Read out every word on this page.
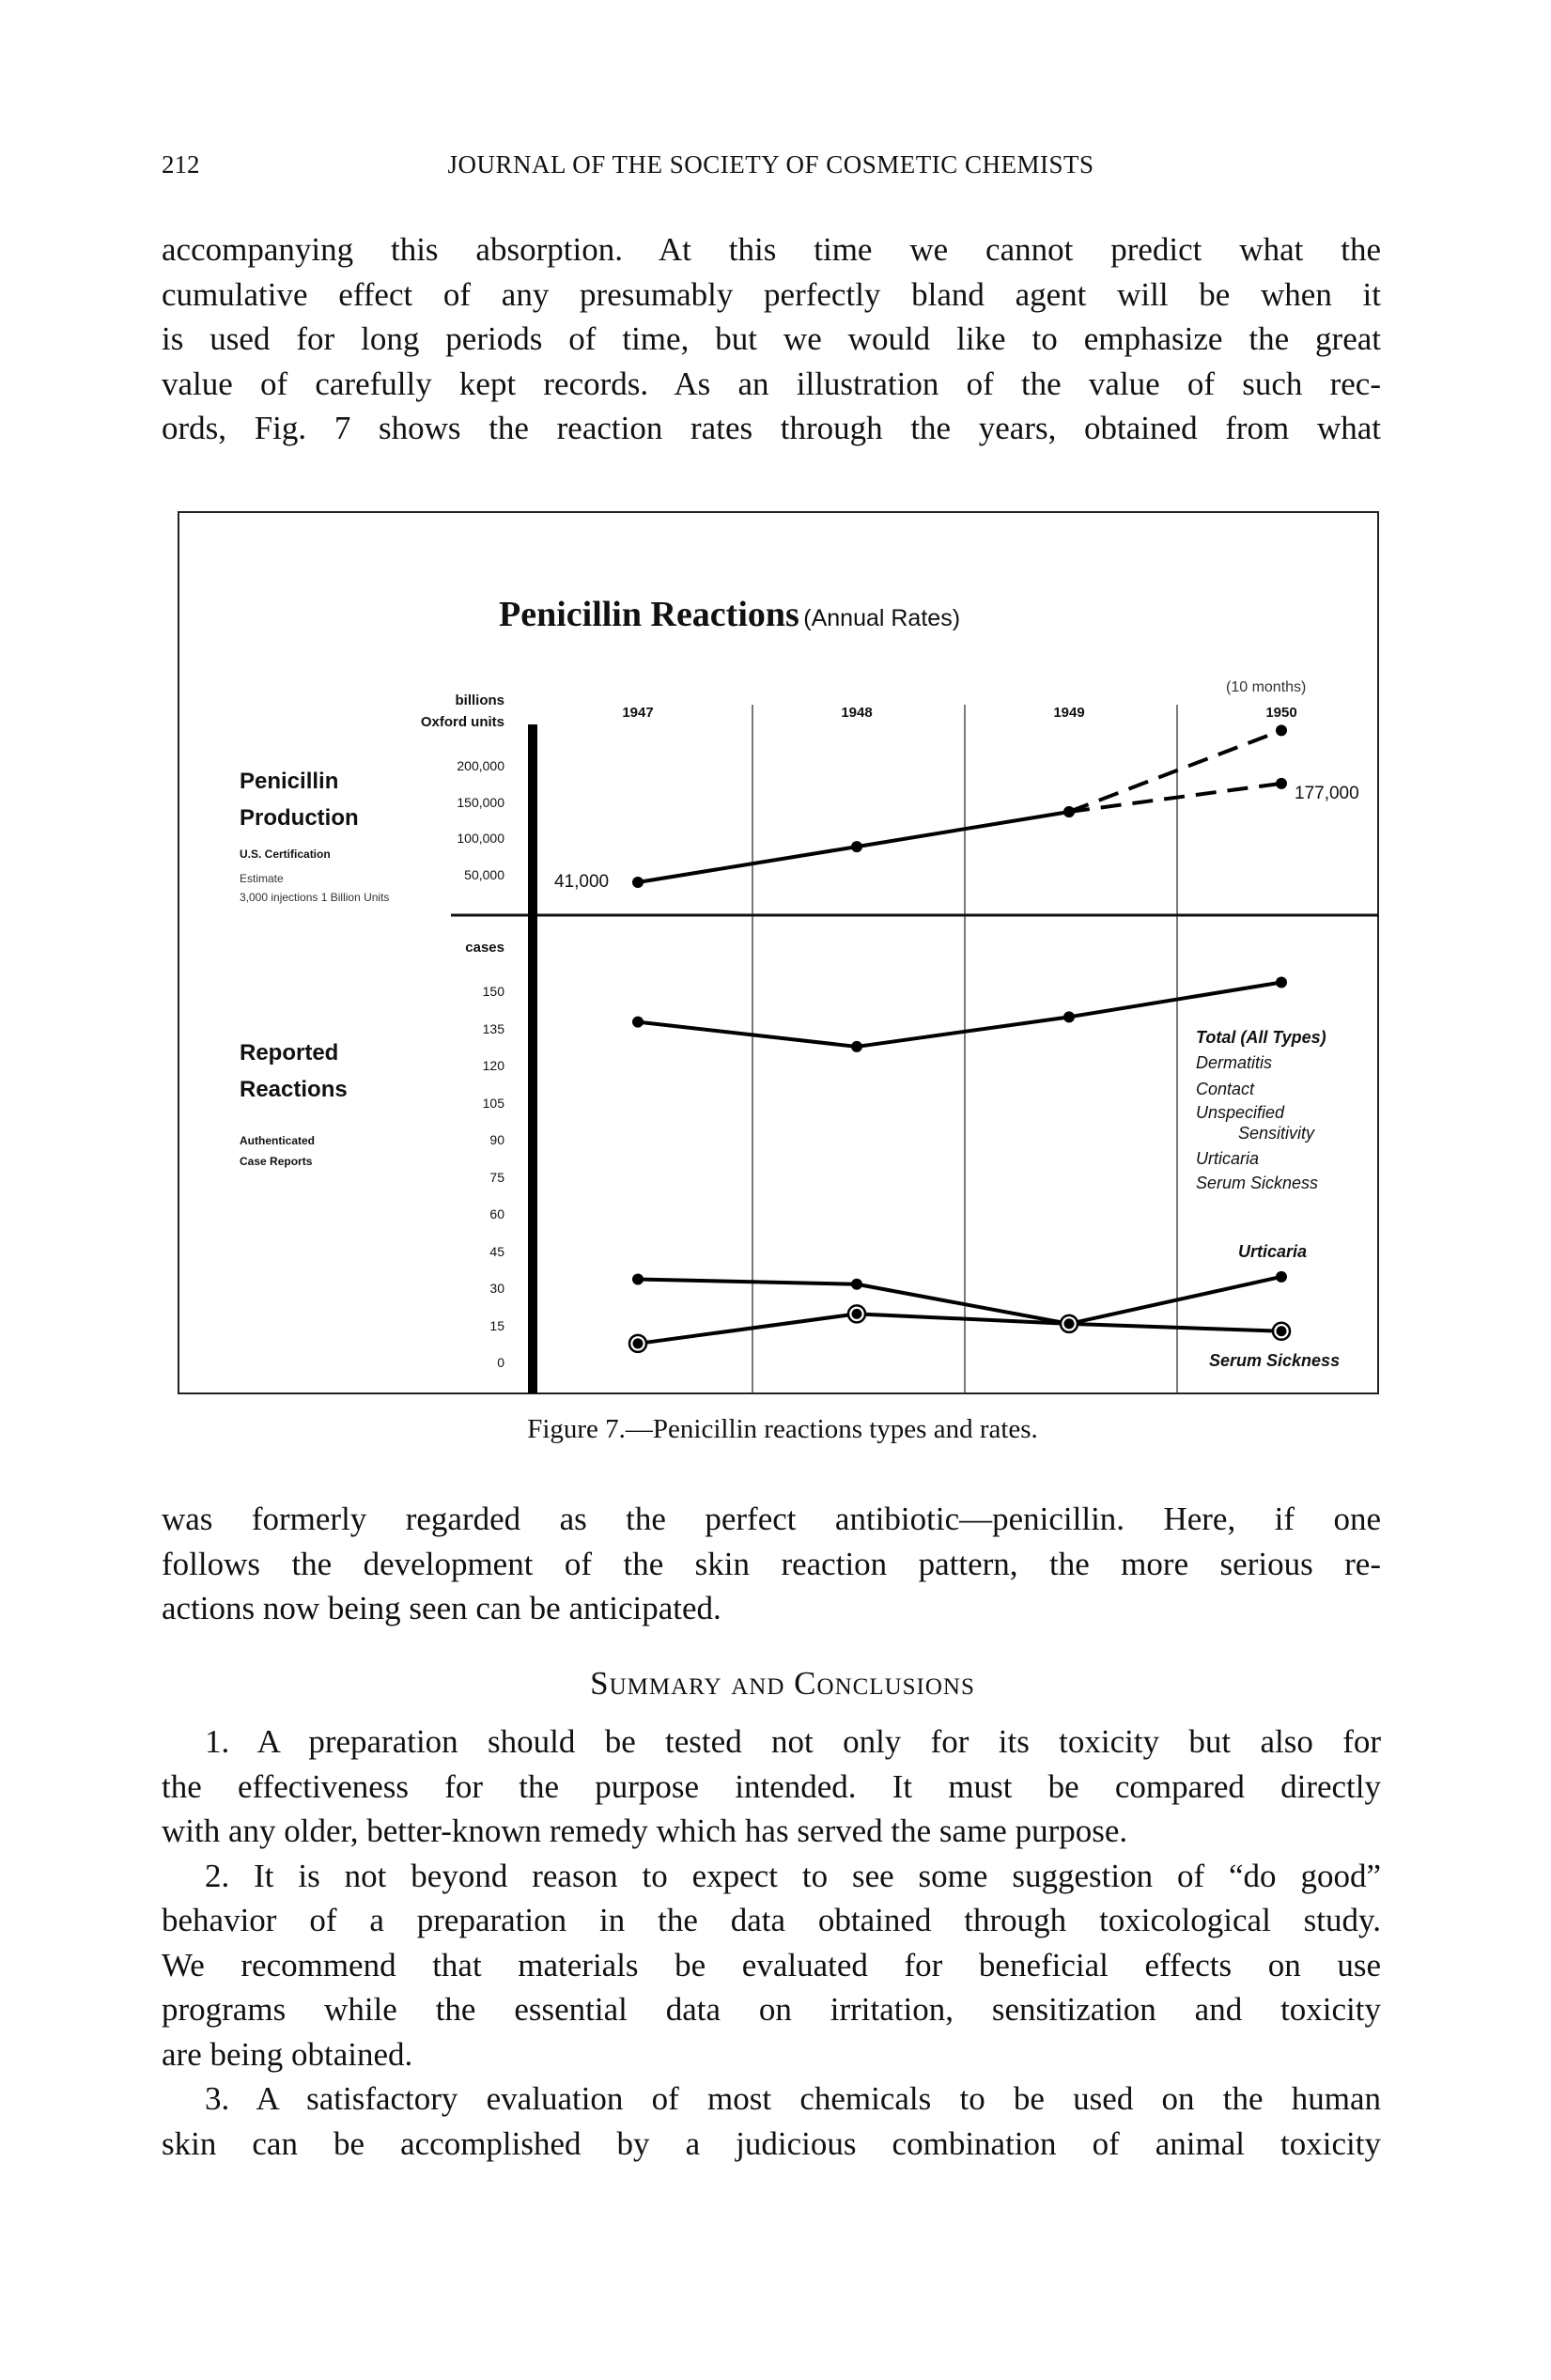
212	JOURNAL OF THE SOCIETY OF COSMETIC CHEMISTS
accompanying this absorption. At this time we cannot predict what the
cumulative effect of any presumably perfectly bland agent will be when it
is used for long periods of time, but we would like to emphasize the great
value of carefully kept records. As an illustration of the value of such rec-
ords, Fig. 7 shows the reaction rates through the years, obtained from what
Penicillin Reactions (Annual Rates)
1947	1948	1949	1950
(10 months)
billions
Oxford units
Penicillin
Production
U.S. Certification
Estimate
3,000 injections 1 Billion Units
200,000
150,000
100,000
50,000	41,000
177,000
cases
Reported
Reactions
Authenticated
Case Reports
150
135
120
105
90
75
60
45
30
15
0
Total (All Types)
Dermatitis
Contact
Unspecified
Sensitivity
Urticaria
Serum Sickness
Urticaria
Serum Sickness
Figure 7.—Penicillin reactions types and rates.
was formerly regarded as the perfect antibiotic—penicillin. Here, if one
follows the development of the skin reaction pattern, the more serious re-
actions now being seen can be anticipated.
Summary and Conclusions
1. A preparation should be tested not only for its toxicity but also for
the effectiveness for the purpose intended. It must be compared directly
with any older, better-known remedy which has served the same purpose.
2. It is not beyond reason to expect to see some suggestion of “do good”
behavior of a preparation in the data obtained through toxicological study.
We recommend that materials be evaluated for beneficial effects on use
programs while the essential data on irritation, sensitization and toxicity
are being obtained.
3. A satisfactory evaluation of most chemicals to be used on the human
skin can be accomplished by a judicious combination of animal toxicity
